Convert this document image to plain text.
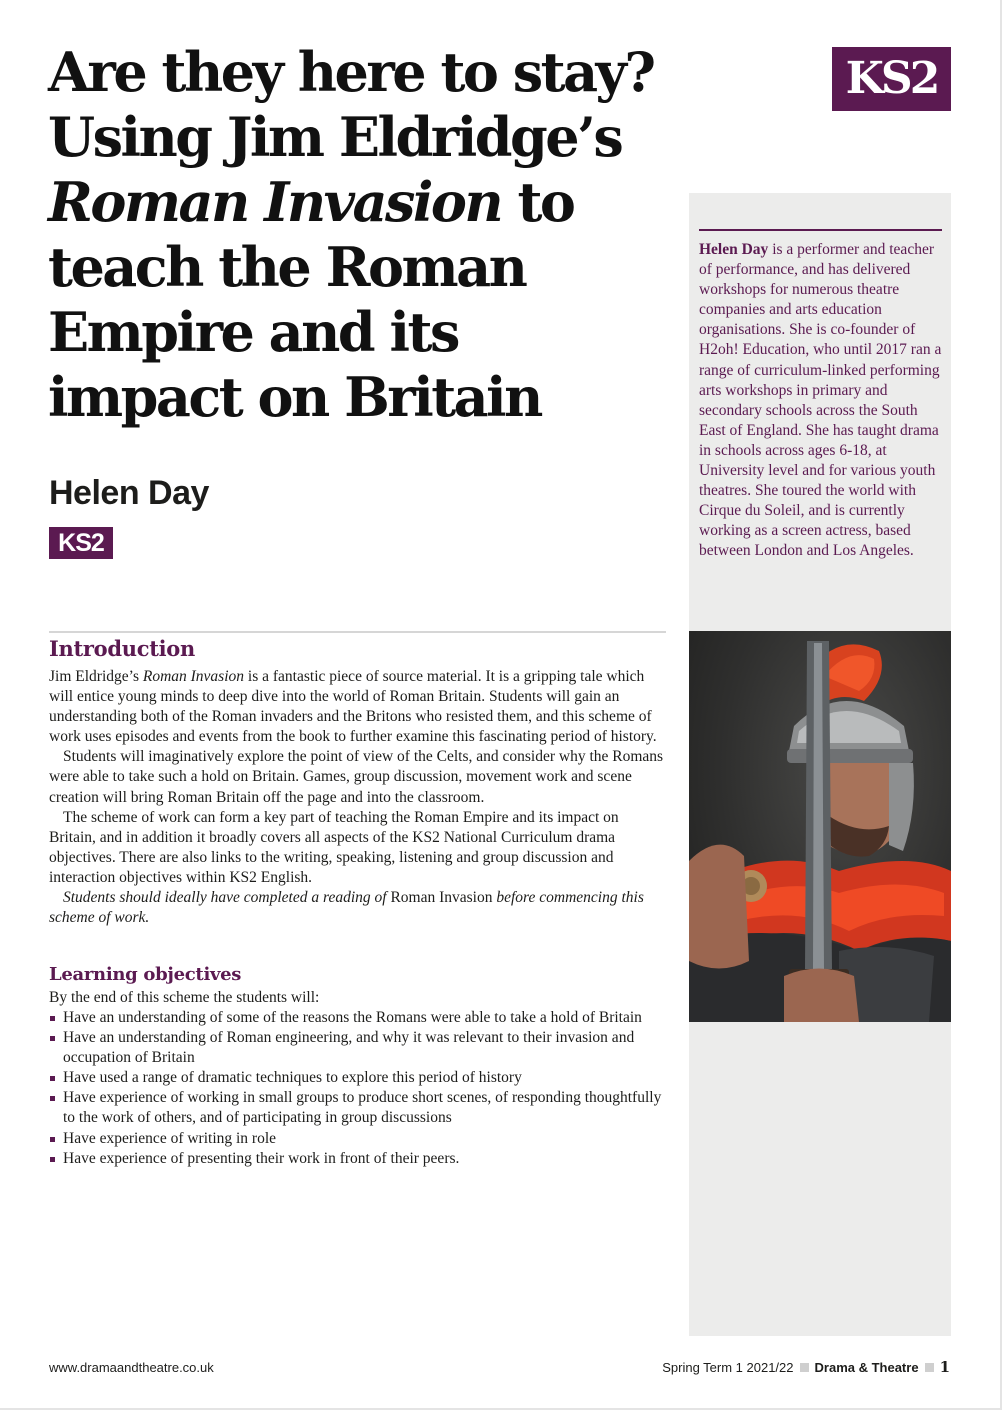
Are they here to stay?
Using Jim Eldridge’s
Roman Invasion to
teach the Roman
Empire and its
impact on Britain
KS2
Helen Day
KS2

Helen Day is a performer and teacher of performance, and has delivered workshops for numerous theatre companies and arts education organisations. She is co-founder of H2oh! Education, who until 2017 ran a range of curriculum-linked performing arts workshops in primary and secondary schools across the South East of England. She has taught drama in schools across ages 6-18, at University level and for various youth theatres. She toured the world with Cirque du Soleil, and is currently working as a screen actress, based between London and Los Angeles.

Introduction

Jim Eldridge’s Roman Invasion is a fantastic piece of source material. It is a gripping tale which will entice young minds to deep dive into the world of Roman Britain. Students will gain an understanding both of the Roman invaders and the Britons who resisted them, and this scheme of work uses episodes and events from the book to further examine this fascinating period of history.

Students will imaginatively explore the point of view of the Celts, and consider why the Romans were able to take such a hold on Britain. Games, group discussion, movement work and scene creation will bring Roman Britain off the page and into the classroom.

The scheme of work can form a key part of teaching the Roman Empire and its impact on Britain, and in addition it broadly covers all aspects of the KS2 National Curriculum drama objectives. There are also links to the writing, speaking, listening and group discussion and interaction objectives within KS2 English.

Students should ideally have completed a reading of Roman Invasion before commencing this scheme of work.

Learning objectives
By the end of this scheme the students will:
Have an understanding of some of the reasons the Romans were able to take a hold of Britain
Have an understanding of Roman engineering, and why it was relevant to their invasion and occupation of Britain
Have used a range of dramatic techniques to explore this period of history
Have experience of working in small groups to produce short scenes, of responding thoughtfully to the work of others, and of participating in group discussions
Have experience of writing in role
Have experience of presenting their work in front of their peers.
www.dramaandtheatre.co.uk	Spring Term 1 2021/22 Drama & Theatre 1
